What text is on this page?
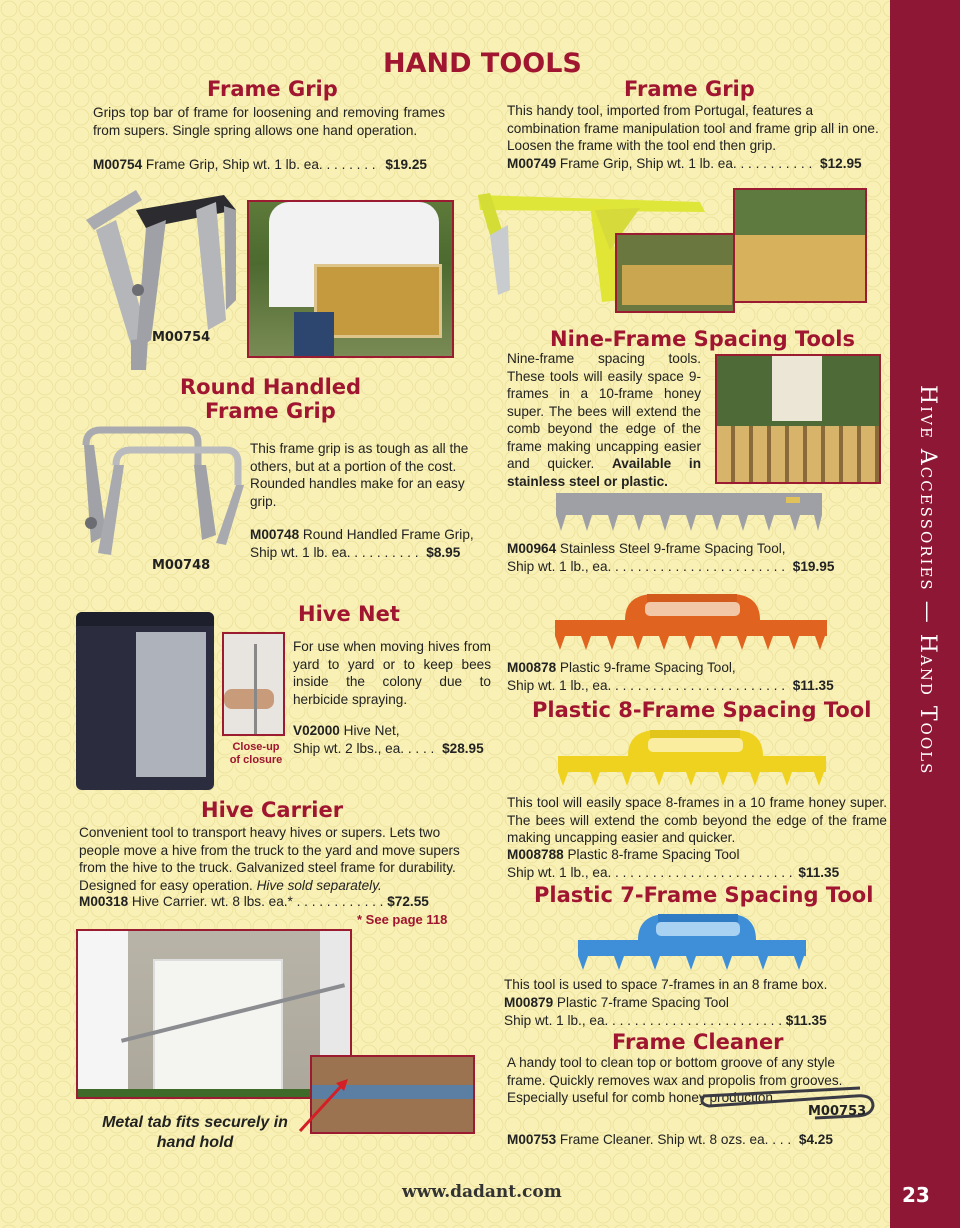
Hive Accessories — Hand Tools
23
HAND TOOLS
Frame Grip
Grips top bar of frame for loosening and removing frames from supers. Single spring allows one hand operation.
M00754 Frame Grip, Ship wt. 1 lb. ea. . . . . . . . $19.25
M00754
Frame Grip
This handy tool, imported from Portugal, features a combination frame manipulation tool and frame grip all in one. Loosen the frame with the tool end then grip.
M00749 Frame Grip, Ship wt. 1 lb. ea. . . . . . . . . . . $12.95
Round Handled
Frame Grip
This frame grip is as tough as all the others, but at a portion of the cost. Rounded handles make for an easy grip.
M00748 Round Handled Frame Grip,
Ship wt. 1 lb. ea. . . . . . . . . . $8.95
M00748
Nine-Frame Spacing Tools
Nine-frame spacing tools. These tools will easily space 9-frames in a 10-frame honey super. The bees will extend the comb beyond the edge of the frame making uncapping easier and quicker. Available in stainless steel or plastic.
M00964 Stainless Steel 9-frame Spacing Tool,
Ship wt. 1 lb., ea. . . . . . . . . . . . . . . . . . . . . . . . $19.95
M00878 Plastic 9-frame Spacing Tool,
Ship wt. 1 lb., ea. . . . . . . . . . . . . . . . . . . . . . . . $11.35
Hive Net
Close-up
of closure
For use when moving hives from yard to yard or to keep bees inside the colony due to herbicide spraying.
V02000 Hive Net,
Ship wt. 2 lbs., ea. . . . . $28.95
Plastic 8-Frame Spacing Tool
This tool will easily space 8-frames in a 10 frame honey super. The bees will extend the comb beyond the edge of the frame making uncapping easier and quicker.
M008788 Plastic 8-frame Spacing Tool
Ship wt. 1 lb., ea. . . . . . . . . . . . . . . . . . . . . . . . . $11.35
Hive Carrier
Convenient tool to transport heavy hives or supers. Lets two people move a hive from the truck to the yard and move supers from the hive to the truck. Galvanized steel frame for durability. Designed for easy operation. Hive sold separately.
M00318 Hive Carrier. wt. 8 lbs. ea.* . . . . . . . . . . . . $72.55
* See page 118
Metal tab fits securely in hand hold
Plastic 7-Frame Spacing Tool
This tool is used to space 7-frames in an 8 frame box.
M00879 Plastic 7-frame Spacing Tool
Ship wt. 1 lb., ea. . . . . . . . . . . . . . . . . . . . . . . . $11.35
Frame Cleaner
A handy tool to clean top or bottom groove of any style frame. Quickly removes wax and propolis from grooves. Especially useful for comb honey production.
M00753
M00753 Frame Cleaner. Ship wt. 8 ozs. ea. . . . $4.25
www.dadant.com
